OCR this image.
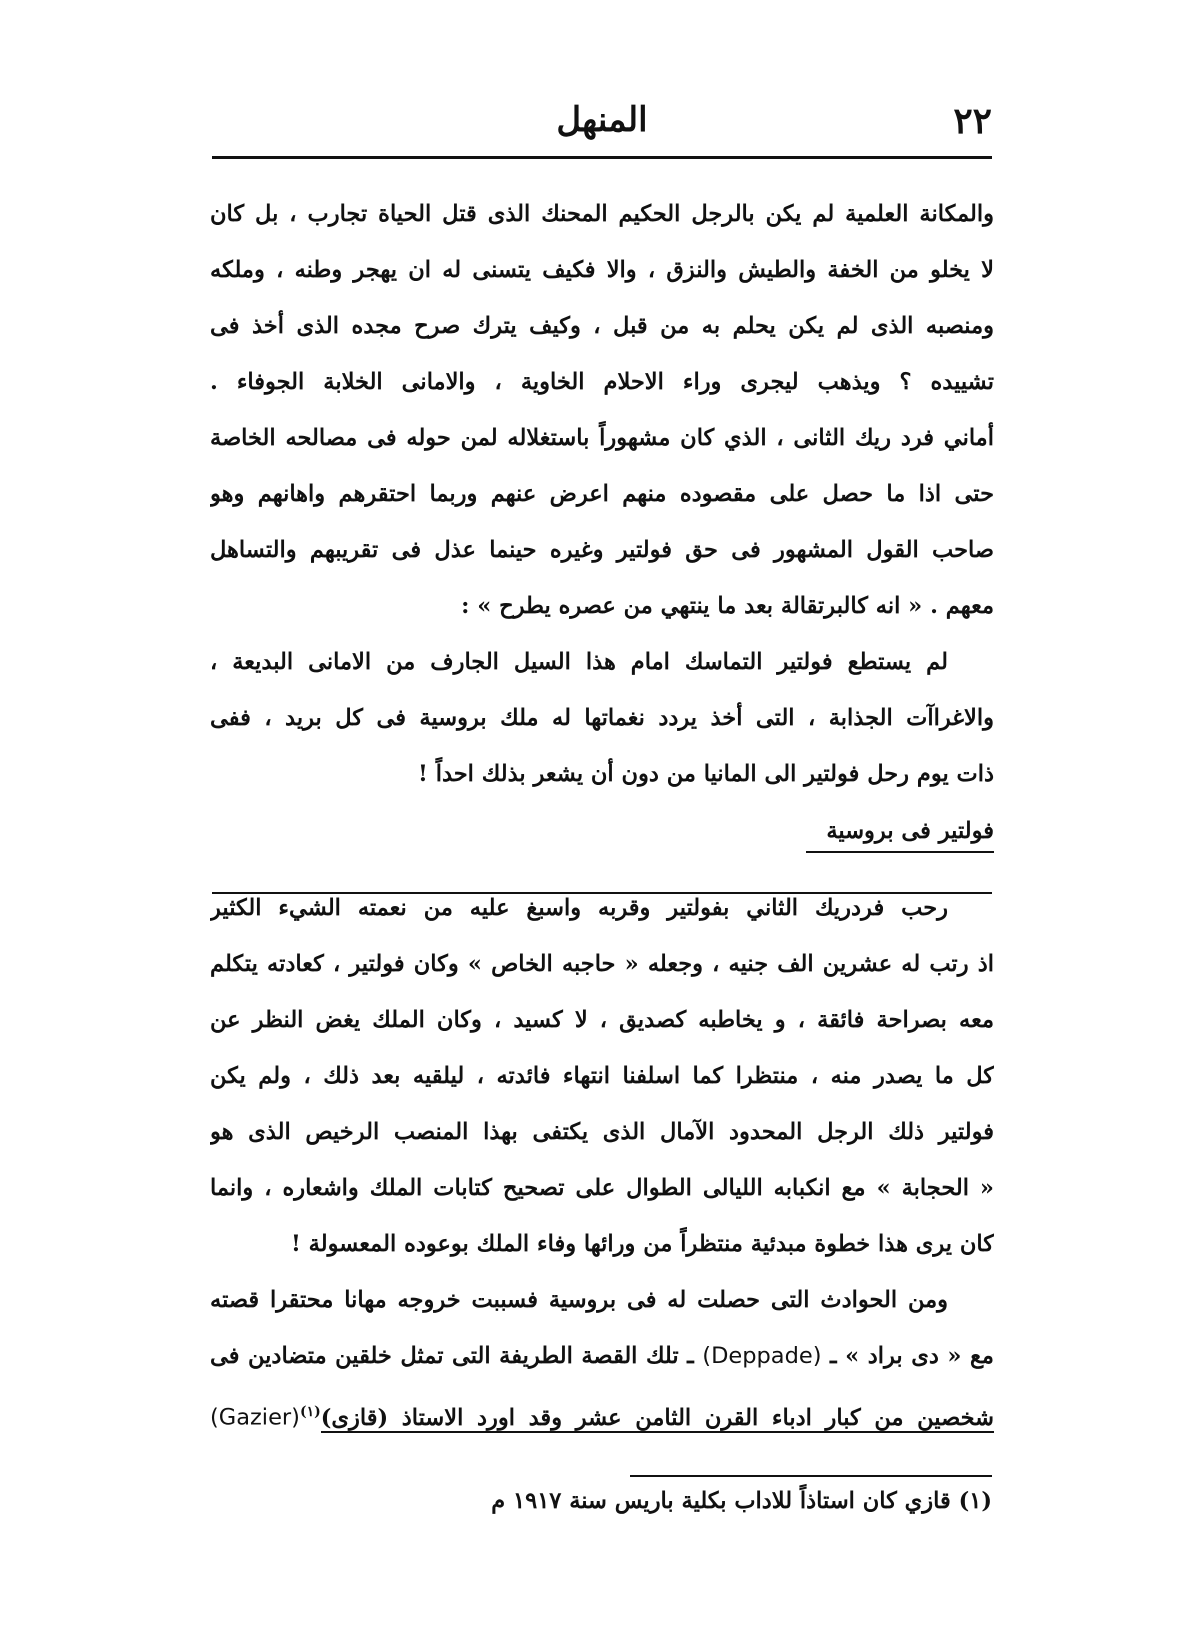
٢٢
المنهل
والمكانة العلمية لم يكن بالرجل الحكيم المحنك الذى قتل الحياة تجارب ، بل كان
لا يخلو من الخفة والطيش والنزق ، والا فكيف يتسنى له ان يهجر وطنه ، وملكه
ومنصبه الذى لم يكن يحلم به من قبل ، وكيف يترك صرح مجده الذى أخذ فى
تشييده ؟ ويذهب ليجرى وراء الاحلام الخاوية ، والامانى الخلابة الجوفاء .
أماني فرد ريك الثانى ، الذي كان مشهوراً باستغلاله لمن حوله فى مصالحه الخاصة
حتى اذا ما حصل على مقصوده منهم اعرض عنهم وربما احتقرهم واهانهم وهو
صاحب القول المشهور فى حق فولتير وغيره حينما عذل فى تقريبهم والتساهل
معهم . « انه كالبرتقالة بعد ما ينتهي من عصره يطرح » :
لم يستطع فولتير التماسك امام هذا السيل الجارف من الامانى البديعة ،
والاغراآت الجذابة ، التى أخذ يردد نغماتها له ملك بروسية فى كل بريد ، ففى
ذات يوم رحل فولتير الى المانيا من دون أن يشعر بذلك احداً !
فولتير فى بروسية
رحب فردريك الثاني بفولتير وقربه واسبغ عليه من نعمته الشيء الكثير
اذ رتب له عشرين الف جنيه ، وجعله « حاجبه الخاص » وكان فولتير ، كعادته يتكلم
معه بصراحة فائقة ، و يخاطبه كصديق ، لا كسيد ، وكان الملك يغض النظر عن
كل ما يصدر منه ، منتظرا كما اسلفنا انتهاء فائدته ، ليلقيه بعد ذلك ، ولم يكن
فولتير ذلك الرجل المحدود الآمال الذى يكتفى بهذا المنصب الرخيص الذى هو
« الحجابة » مع انكبابه الليالى الطوال على تصحيح كتابات الملك واشعاره ، وانما
كان يرى هذا خطوة مبدئية منتظراً من ورائها وفاء الملك بوعوده المعسولة !
ومن الحوادث التى حصلت له فى بروسية فسببت خروجه مهانا محتقرا قصته
مع « دى براد » ـ (Deppade) ـ تلك القصة الطريفة التى تمثل خلقين متضادين فى
شخصين من كبار ادباء القرن الثامن عشر وقد اورد الاستاذ (قازى)$^{(١)}$(Gazier)
(١) قازي كان استاذاً للاداب بكلية باريس سنة ١٩١٧ م
